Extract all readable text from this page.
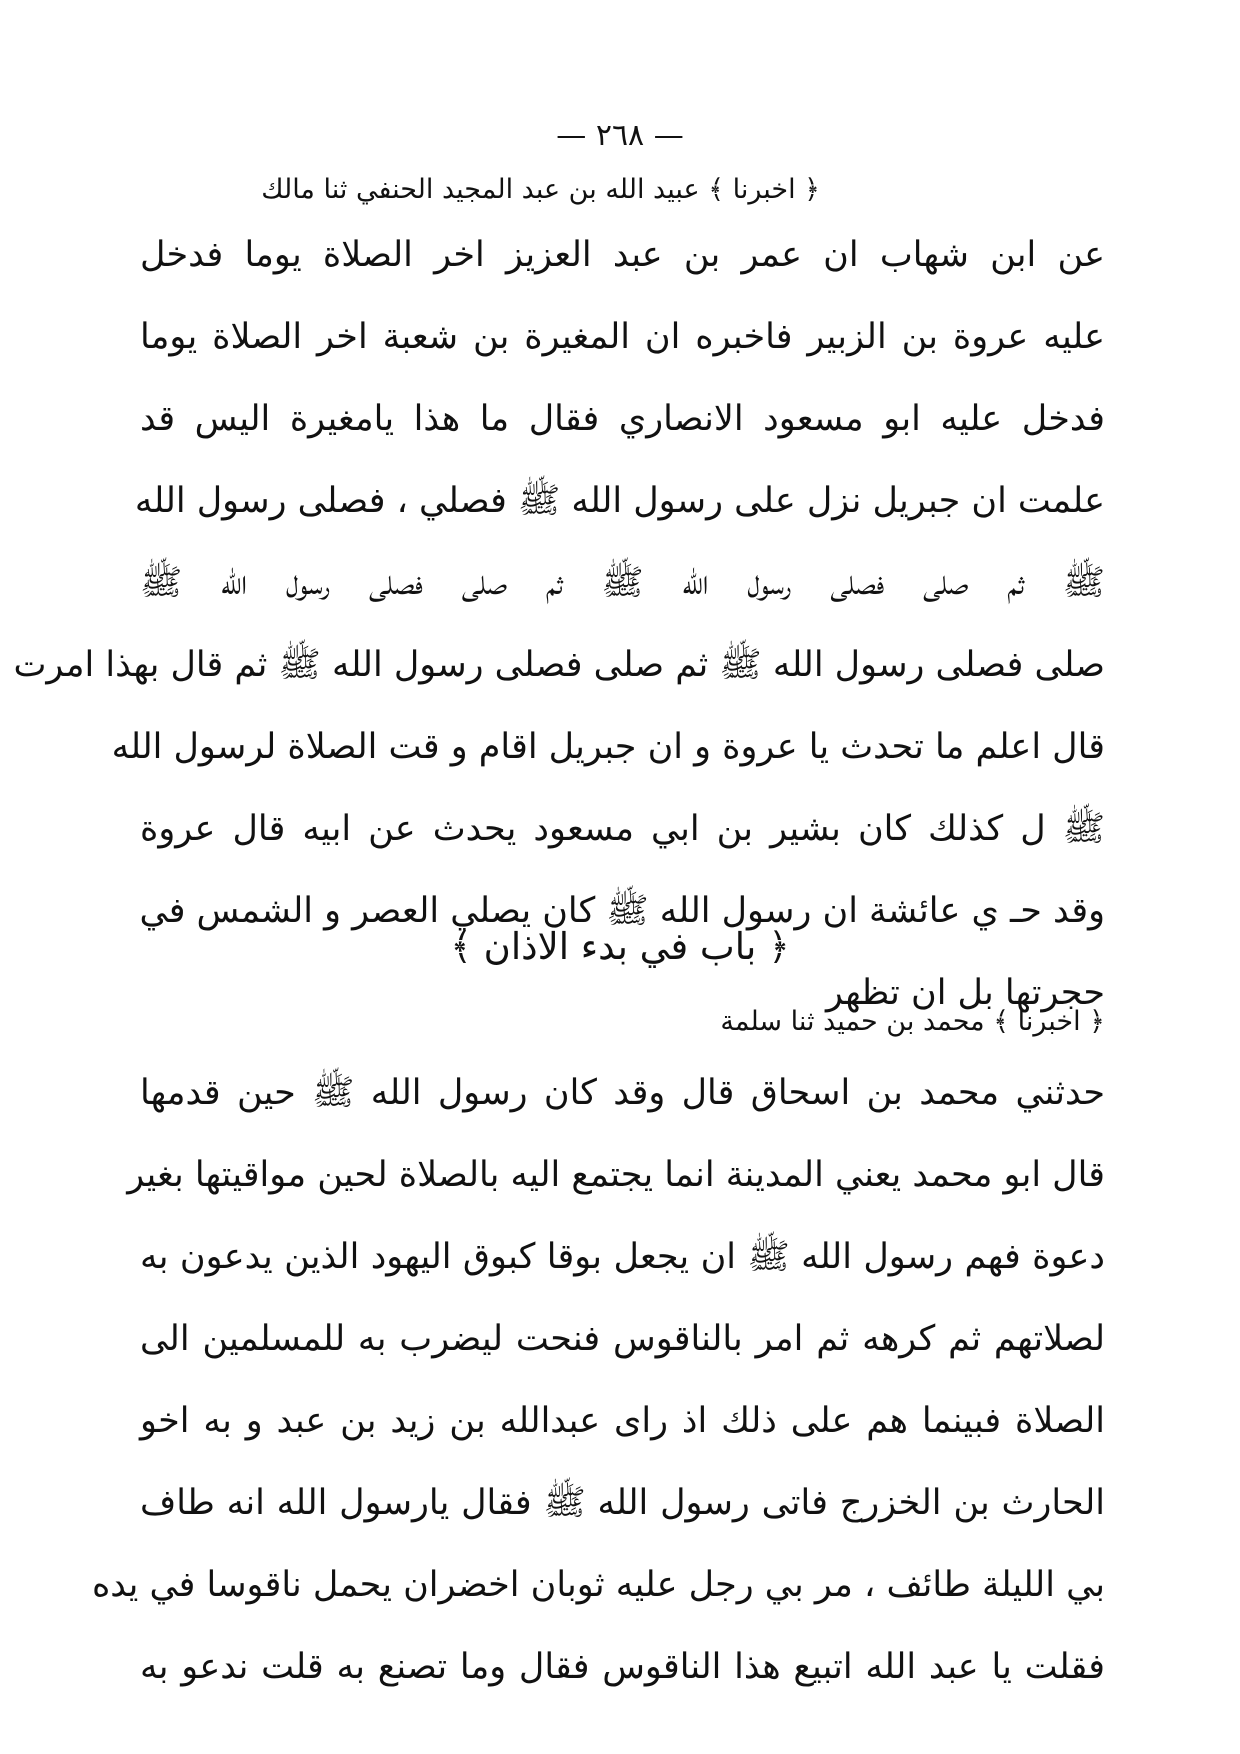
— ٢٦٨ —
﴿ اخبرنا ﴾ عبيد الله بن عبد المجيد الحنفي ثنا مالك
عن ابن شهاب ان عمر بن عبد العزيز اخر الصلاة يوما فدخل
عليه عروة بن الزبير فاخبره ان المغيرة بن شعبة اخر الصلاة يوما
فدخل عليه ابو مسعود الانصاري فقال ما هذا يامغيرة اليس قد
علمت ان جبريل نزل على رسول الله ﷺ فصلي ، فصلى رسول الله
ﷺ ثم صلى فصلى رسول الله ﷺ ثم صلى فصلى رسول الله ﷺ
صلى فصلى رسول الله ﷺ ثم صلى فصلى رسول الله ﷺ ثم قال بهذا امرت
قال اعلم ما تحدث يا عروة و ان جبريل اقام و قت الصلاة لرسول الله
ﷺ ل كذلك كان بشير بن ابي مسعود يحدث عن ابيه قال عروة
وقد حـ ي عائشة ان رسول الله ﷺ كان يصلي العصر و الشمس في
حجرتها بل ان تظهر
﴿ باب في بدء الاذان ﴾
﴿ اخبرنا ﴾ محمد بن حميد ثنا سلمة
حدثني محمد بن اسحاق قال وقد كان رسول الله ﷺ حين قدمها
قال ابو محمد يعني المدينة انما يجتمع اليه بالصلاة لحين مواقيتها بغير
دعوة فهم رسول الله ﷺ ان يجعل بوقا كبوق اليهود الذين يدعون به
لصلاتهم ثم كرهه ثم امر بالناقوس فنحت ليضرب به للمسلمين الى
الصلاة فبينما هم على ذلك اذ راى عبدالله بن زيد بن عبد و به اخو
الحارث بن الخزرج فاتى رسول الله ﷺ فقال يارسول الله انه طاف
بي الليلة طائف ، مر بي رجل عليه ثوبان اخضران يحمل ناقوسا في يده
فقلت يا عبد الله اتبيع هذا الناقوس فقال وما تصنع به قلت ندعو به
